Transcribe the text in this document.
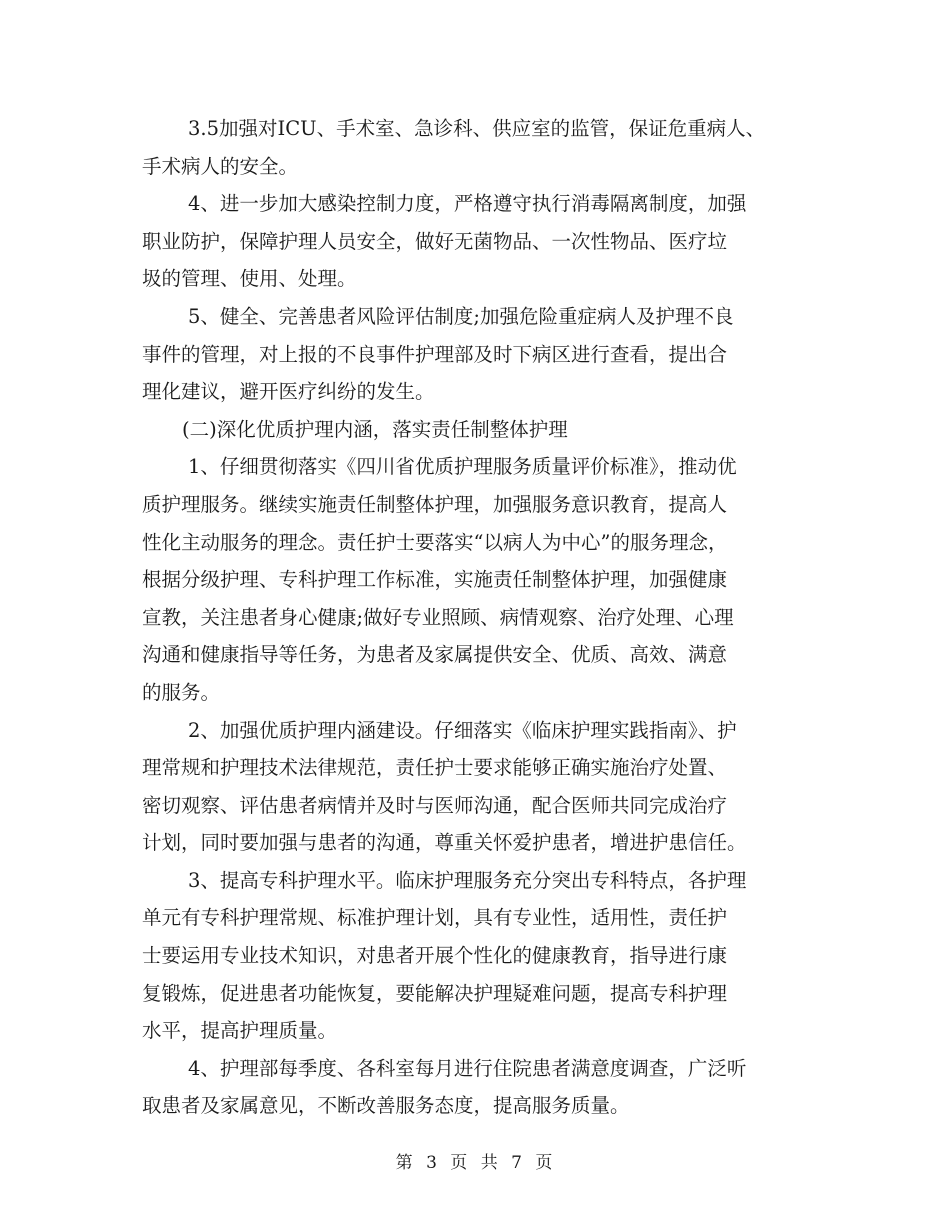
3.5加强对ICU、手术室、急诊科、供应室的监管，保证危重病人、
手术病人的安全。
4、进一步加大感染控制力度，严格遵守执行消毒隔离制度，加强
职业防护，保障护理人员安全，做好无菌物品、一次性物品、医疗垃
圾的管理、使用、处理。
5、健全、完善患者风险评估制度;加强危险重症病人及护理不良
事件的管理，对上报的不良事件护理部及时下病区进行查看，提出合
理化建议，避开医疗纠纷的发生。
(二)深化优质护理内涵，落实责任制整体护理
1、仔细贯彻落实《四川省优质护理服务质量评价标准》，推动优
质护理服务。继续实施责任制整体护理，加强服务意识教育，提高人
性化主动服务的理念。责任护士要落实“以病人为中心”的服务理念，
根据分级护理、专科护理工作标准，实施责任制整体护理，加强健康
宣教，关注患者身心健康;做好专业照顾、病情观察、治疗处理、心理
沟通和健康指导等任务，为患者及家属提供安全、优质、高效、满意
的服务。
2、加强优质护理内涵建设。仔细落实《临床护理实践指南》、护
理常规和护理技术法律规范，责任护士要求能够正确实施治疗处置、
密切观察、评估患者病情并及时与医师沟通，配合医师共同完成治疗
计划，同时要加强与患者的沟通，尊重关怀爱护患者，增进护患信任。
3、提高专科护理水平。临床护理服务充分突出专科特点，各护理
单元有专科护理常规、标准护理计划，具有专业性，适用性，责任护
士要运用专业技术知识，对患者开展个性化的健康教育，指导进行康
复锻炼，促进患者功能恢复，要能解决护理疑难问题，提高专科护理
水平，提高护理质量。
4、护理部每季度、各科室每月进行住院患者满意度调查，广泛听
取患者及家属意见，不断改善服务态度，提高服务质量。
第 3 页 共 7 页
